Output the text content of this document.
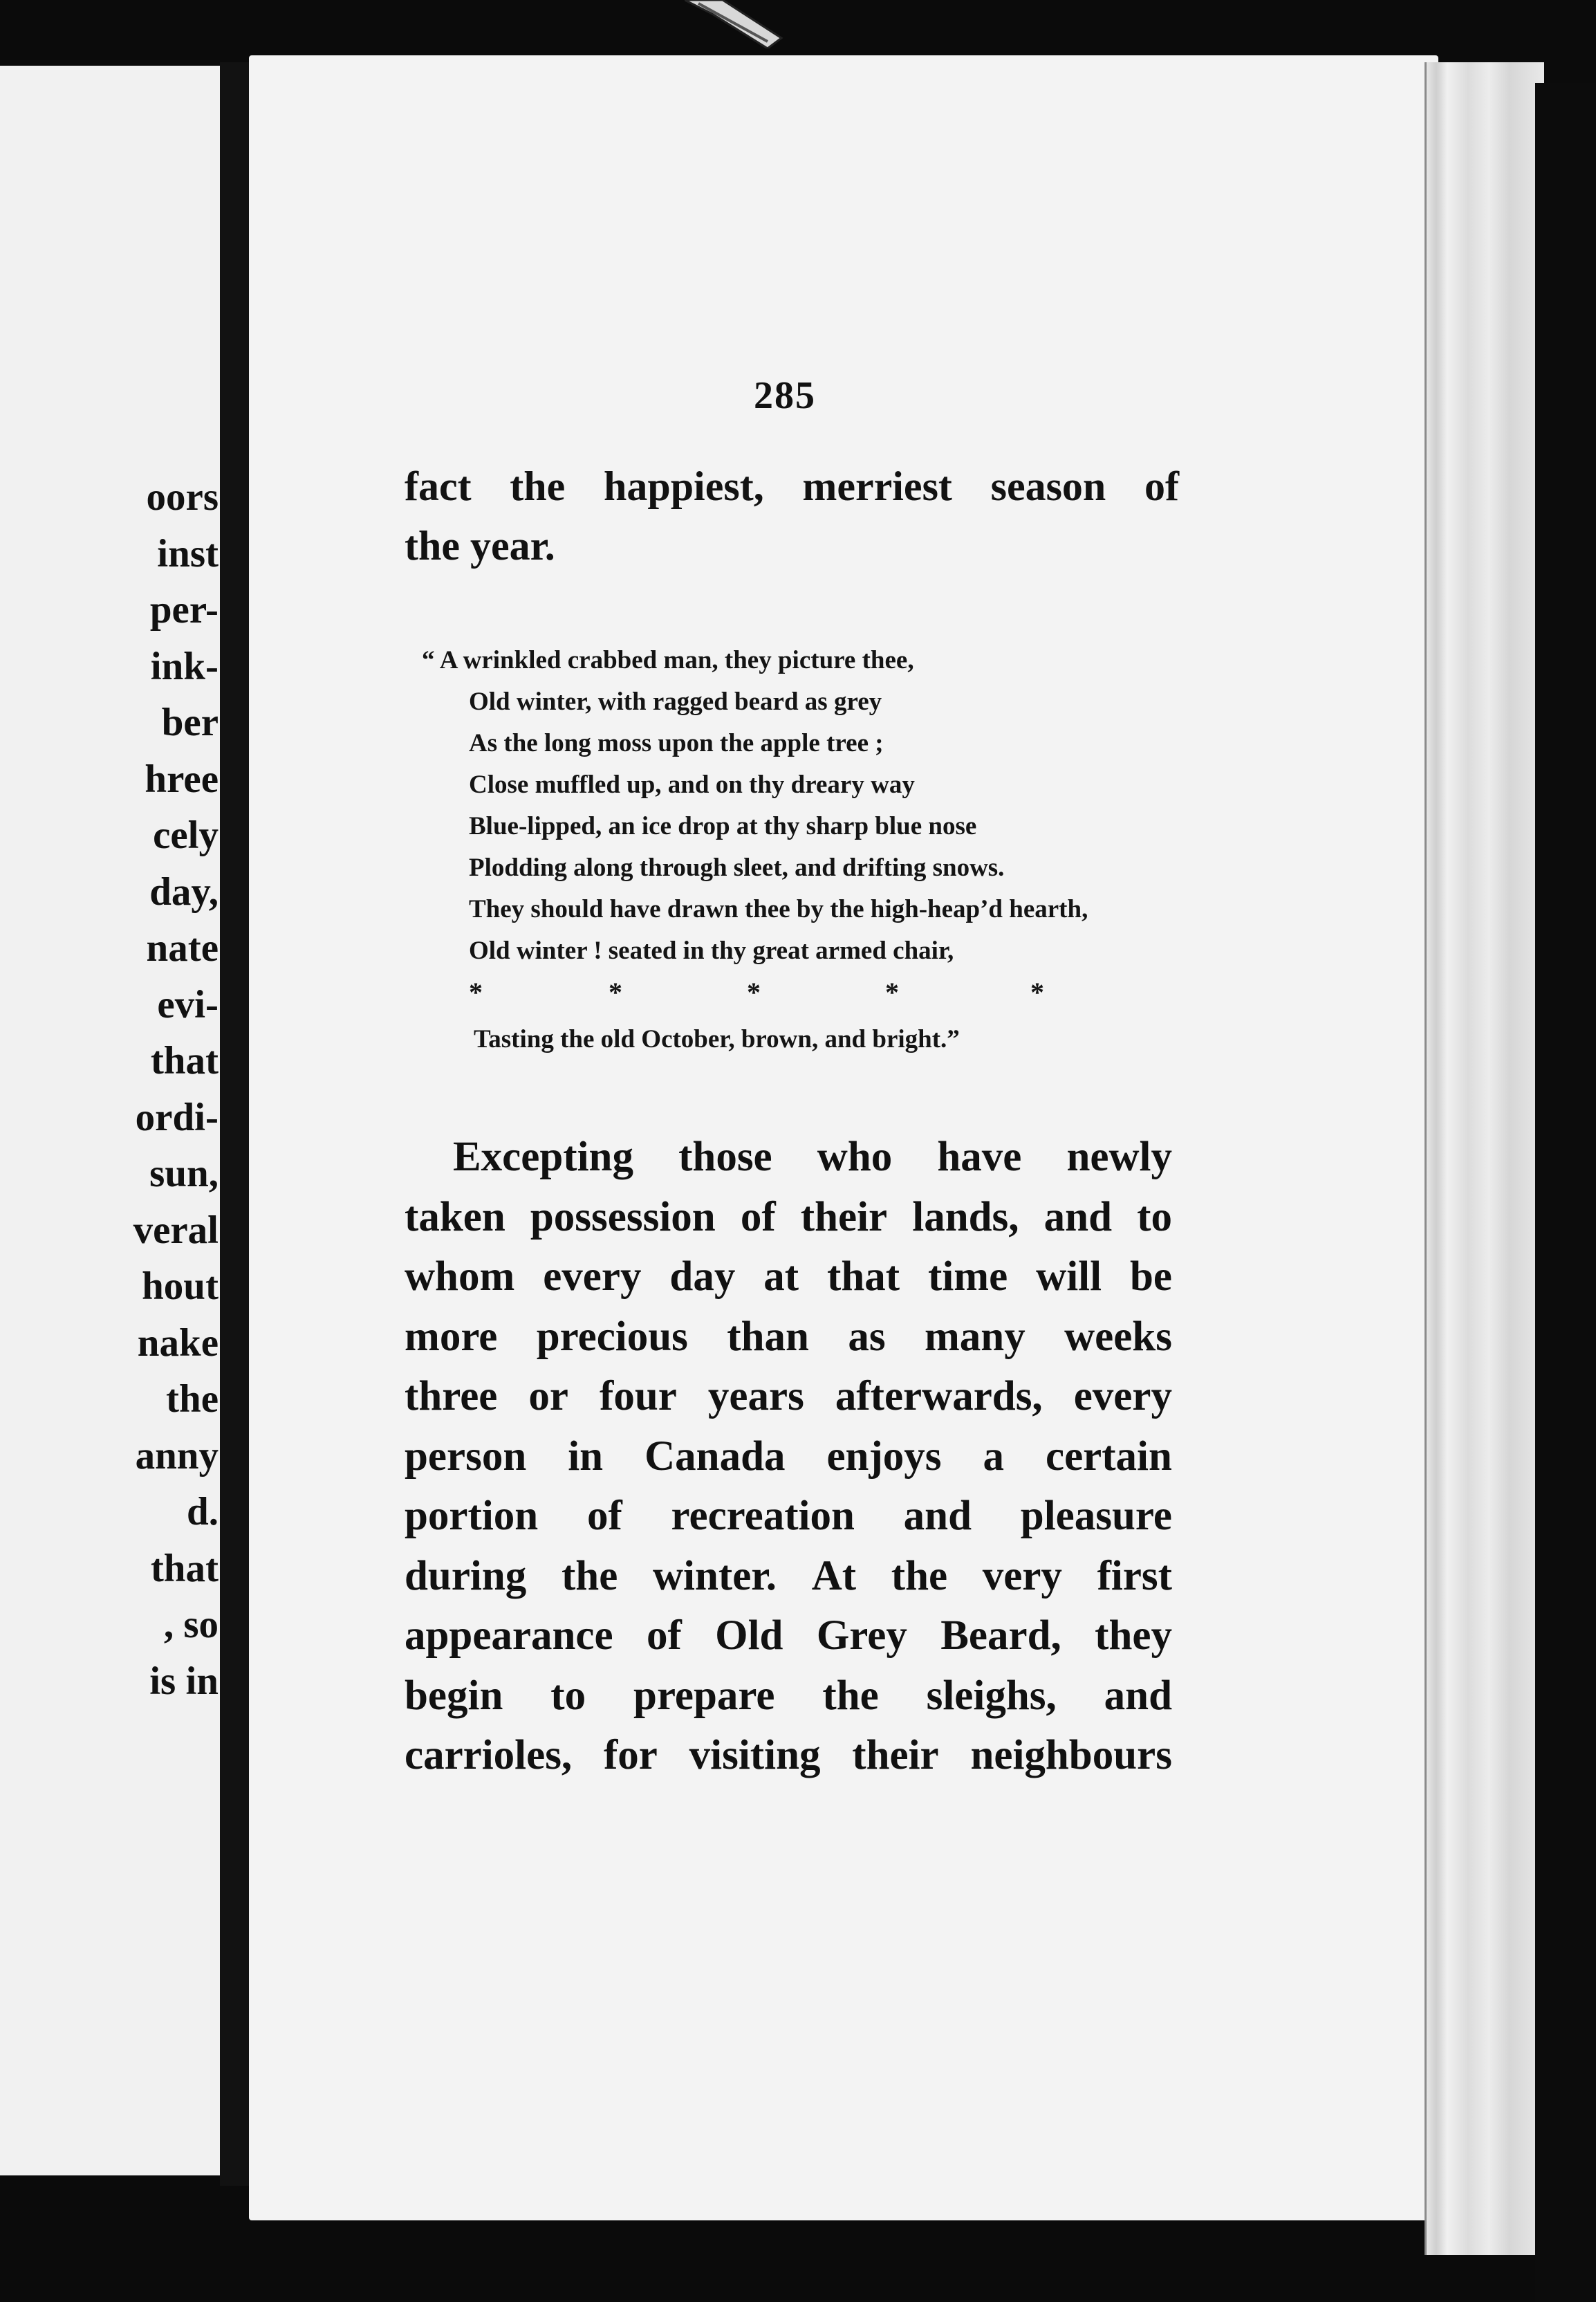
oors
inst
per-
ink-
ber
hree
cely
day,
nate
evi-
that
ordi-
sun,
veral
hout
nake
the
anny
d.
that
, so
is in
285
fact the happiest, merriest season of
the year.
“ A wrinkled crabbed man, they picture thee,
Old winter, with ragged beard as grey
As the long moss upon the apple tree ;
Close muffled up, and on thy dreary way
Blue-lipped, an ice drop at thy sharp blue nose
Plodding along through sleet, and drifting snows.
They should have drawn thee by the high-heap’d hearth,
Old winter ! seated in thy great armed chair,
*	*	*	*	*
Tasting the old October, brown, and bright.”
Excepting those who have newly
taken possession of their lands, and to
whom every day at that time will be
more precious than as many weeks
three or four years afterwards, every
person in Canada enjoys a certain
portion of recreation and pleasure
during the winter. At the very first
appearance of Old Grey Beard, they
begin to prepare the sleighs, and
carrioles, for visiting their neighbours
